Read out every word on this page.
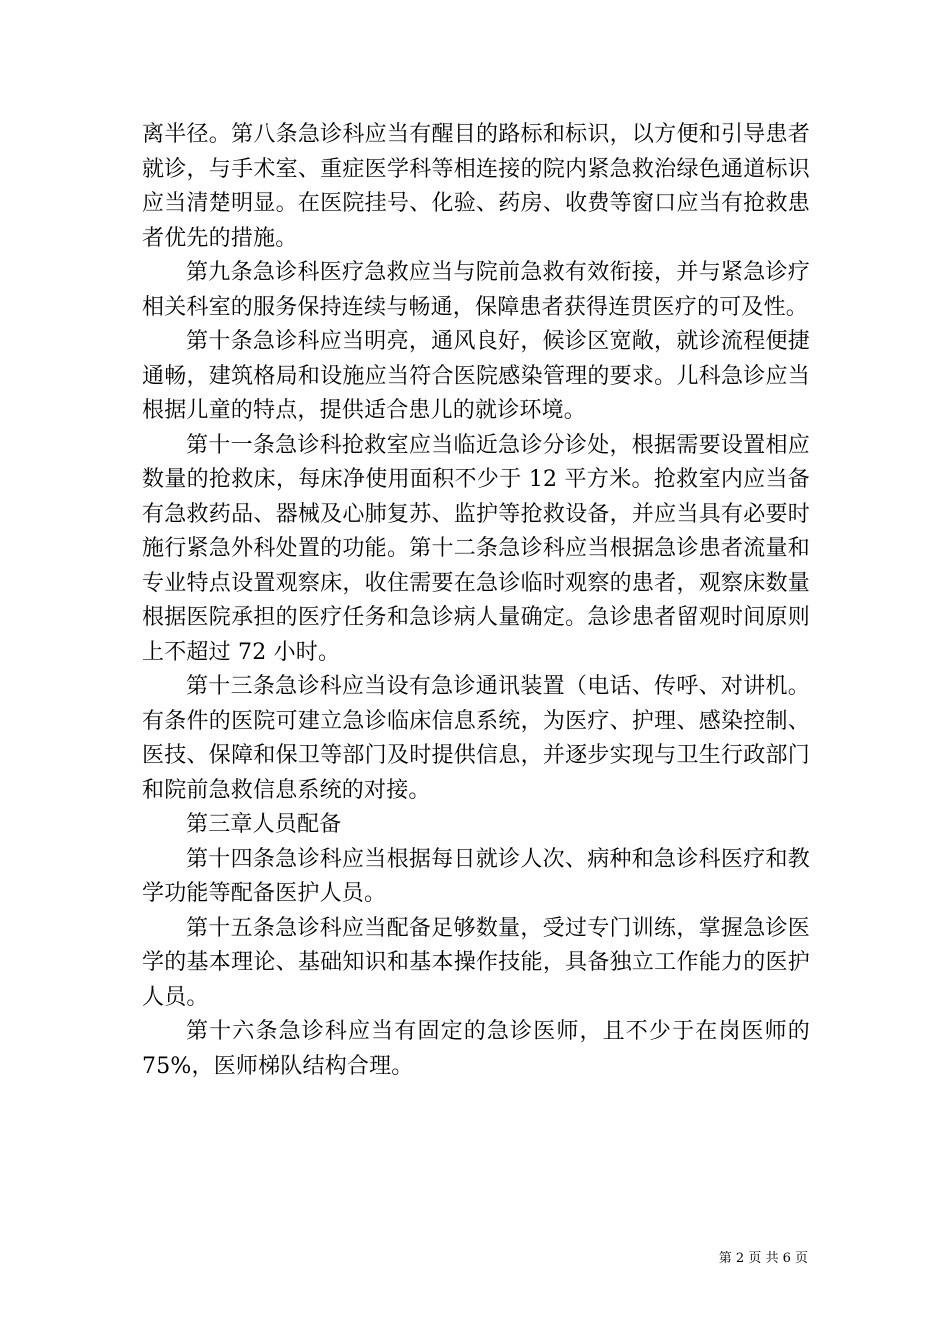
离半径。第八条急诊科应当有醒目的路标和标识，以方便和引导患者就诊，与手术室、重症医学科等相连接的院内紧急救治绿色通道标识应当清楚明显。在医院挂号、化验、药房、收费等窗口应当有抢救患者优先的措施。

第九条急诊科医疗急救应当与院前急救有效衔接，并与紧急诊疗相关科室的服务保持连续与畅通，保障患者获得连贯医疗的可及性。

第十条急诊科应当明亮，通风良好，候诊区宽敞，就诊流程便捷通畅，建筑格局和设施应当符合医院感染管理的要求。儿科急诊应当根据儿童的特点，提供适合患儿的就诊环境。

第十一条急诊科抢救室应当临近急诊分诊处，根据需要设置相应数量的抢救床，每床净使用面积不少于 12 平方米。抢救室内应当备有急救药品、器械及心肺复苏、监护等抢救设备，并应当具有必要时施行紧急外科处置的功能。第十二条急诊科应当根据急诊患者流量和专业特点设置观察床，收住需要在急诊临时观察的患者，观察床数量根据医院承担的医疗任务和急诊病人量确定。急诊患者留观时间原则上不超过 72 小时。

第十三条急诊科应当设有急诊通讯装置（电话、传呼、对讲机。有条件的医院可建立急诊临床信息系统，为医疗、护理、感染控制、医技、保障和保卫等部门及时提供信息，并逐步实现与卫生行政部门和院前急救信息系统的对接。

第三章人员配备

第十四条急诊科应当根据每日就诊人次、病种和急诊科医疗和教学功能等配备医护人员。

第十五条急诊科应当配备足够数量，受过专门训练，掌握急诊医学的基本理论、基础知识和基本操作技能，具备独立工作能力的医护人员。

第十六条急诊科应当有固定的急诊医师，且不少于在岗医师的 75%，医师梯队结构合理。

第 2 页 共 6 页
